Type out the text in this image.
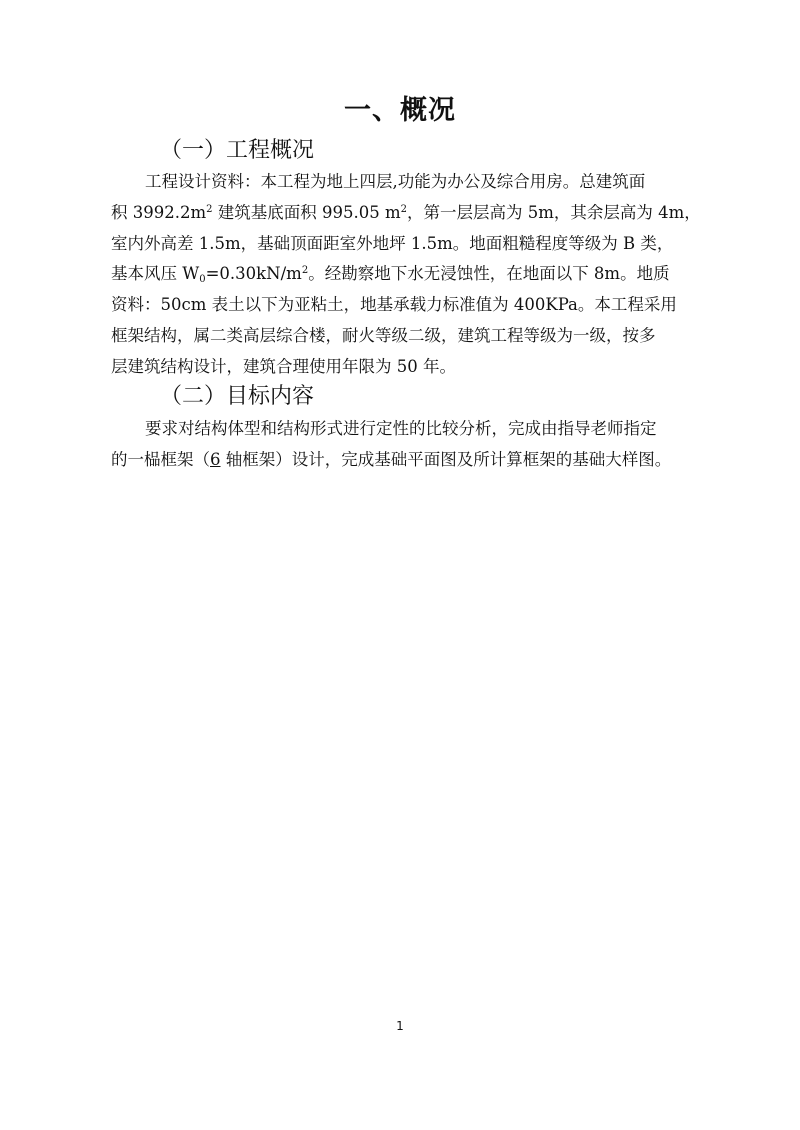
一、概况
（一）工程概况
工程设计资料：本工程为地上四层,功能为办公及综合用房。总建筑面
积 $3992.2m^2$ 建筑基底面积 995.05 $m^2$，第一层层高为 5m，其余层高为 4m，
室内外高差 1.5m，基础顶面距室外地坪 1.5m。地面粗糙程度等级为 B 类，
基本风压 $W_0=0.30kN/m^2$。经勘察地下水无浸蚀性，在地面以下 8m。地质
资料：50cm 表土以下为亚粘土，地基承载力标准值为 400KPa。本工程采用
框架结构，属二类高层综合楼，耐火等级二级，建筑工程等级为一级，按多
层建筑结构设计，建筑合理使用年限为 50 年。
（二）目标内容
要求对结构体型和结构形式进行定性的比较分析，完成由指导老师指定
的一榀框架（6 轴框架）设计，完成基础平面图及所计算框架的基础大样图。
1
